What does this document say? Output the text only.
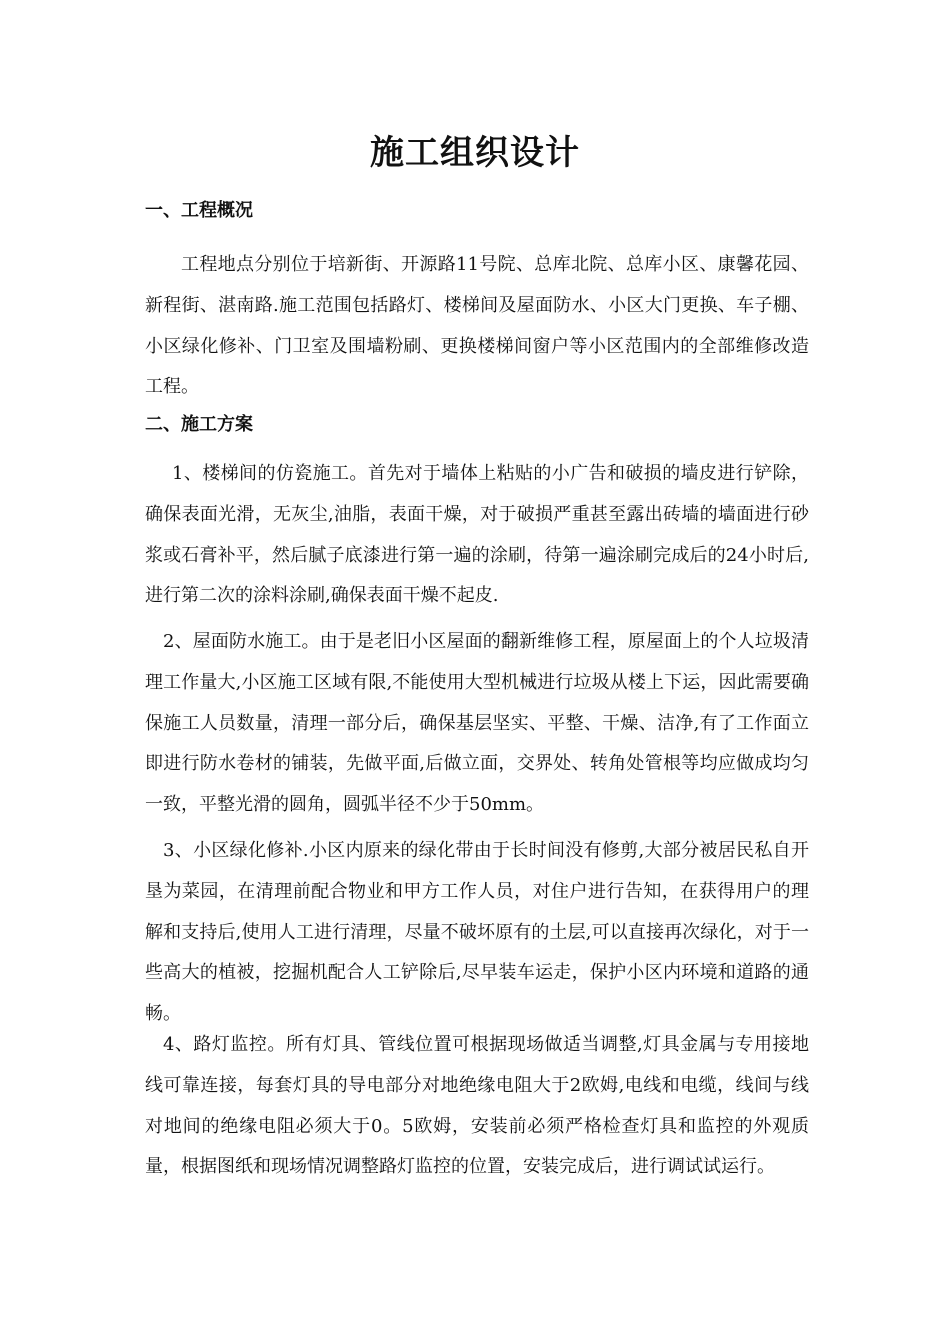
施工组织设计
一、工程概况

工程地点分别位于培新街、开源路11号院、总库北院、总库小区、康馨花园、新程街、湛南路.施工范围包括路灯、楼梯间及屋面防水、小区大门更换、车子棚、小区绿化修补、门卫室及围墙粉刷、更换楼梯间窗户等小区范围内的全部维修改造工程。

二、施工方案

1、楼梯间的仿瓷施工。首先对于墙体上粘贴的小广告和破损的墙皮进行铲除，确保表面光滑，无灰尘,油脂，表面干燥，对于破损严重甚至露出砖墙的墙面进行砂浆或石膏补平，然后腻子底漆进行第一遍的涂刷，待第一遍涂刷完成后的24小时后,进行第二次的涂料涂刷,确保表面干燥不起皮.

2、屋面防水施工。由于是老旧小区屋面的翻新维修工程，原屋面上的个人垃圾清理工作量大,小区施工区域有限,不能使用大型机械进行垃圾从楼上下运，因此需要确保施工人员数量，清理一部分后，确保基层坚实、平整、干燥、洁净,有了工作面立即进行防水卷材的铺装，先做平面,后做立面，交界处、转角处管根等均应做成均匀一致，平整光滑的圆角，圆弧半径不少于50mm。

3、小区绿化修补.小区内原来的绿化带由于长时间没有修剪,大部分被居民私自开垦为菜园，在清理前配合物业和甲方工作人员，对住户进行告知，在获得用户的理解和支持后,使用人工进行清理，尽量不破坏原有的土层,可以直接再次绿化，对于一些高大的植被，挖掘机配合人工铲除后,尽早装车运走，保护小区内环境和道路的通畅。

4、路灯监控。所有灯具、管线位置可根据现场做适当调整,灯具金属与专用接地线可靠连接，每套灯具的导电部分对地绝缘电阻大于2欧姆,电线和电缆，线间与线对地间的绝缘电阻必须大于0。5欧姆，安装前必须严格检查灯具和监控的外观质量，根据图纸和现场情况调整路灯监控的位置，安装完成后，进行调试试运行。
